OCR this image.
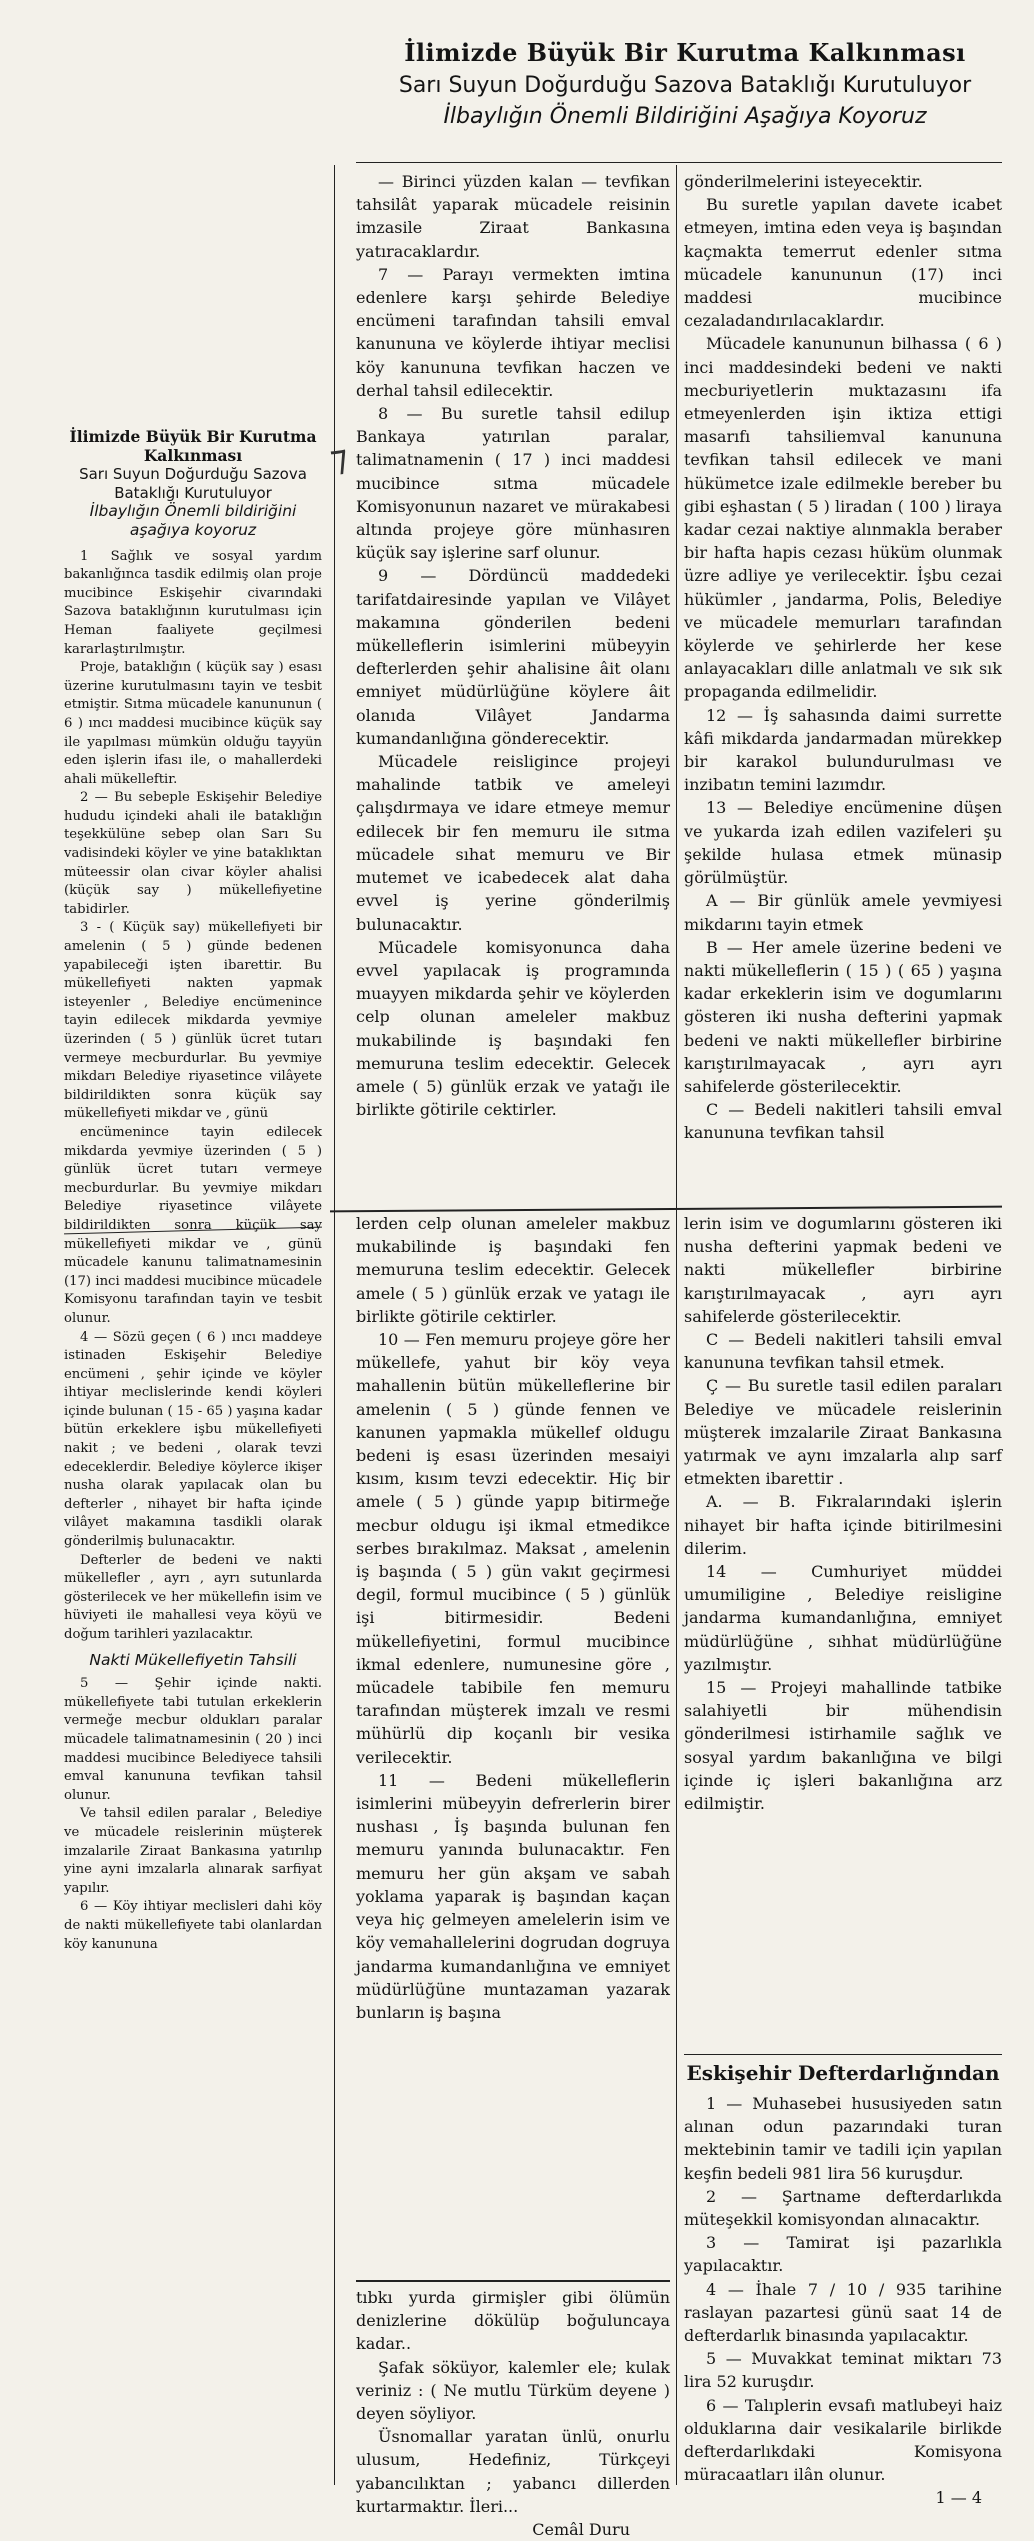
İlimizde Büyük Bir Kurutma Kalkınması
Sarı Suyun Doğurduğu Sazova Bataklığı Kurutuluyor
İlbaylığın Önemli Bildiriğini Aşağıya Koyoruz
⁊

İlimizde Büyük Bir Kurutma Kalkınması

Sarı Suyun Doğurduğu Sazova Bataklığı Kurutuluyor

İlbaylığın Önemli bildiriğini aşağıya koyoruz

1 Sağlık ve sosyal yardım bakanlığınca tasdik edilmiş olan proje mucibince Eskişehir civarındaki Sazova bataklığının kurutulması için Heman faaliyete geçilmesi kararlaştırılmıştır.

Proje, bataklığın ( küçük say ) esası üzerine kurutulmasını tayin ve tesbit etmiştir. Sıtma mücadele kanununun ( 6 ) ıncı maddesi mucibince küçük say ile yapılması mümkün olduğu tayyün eden işlerin ifası ile, o mahallerdeki ahali mükelleftir.

2 — Bu sebeple Eskişehir Belediye hududu içindeki ahali ile bataklığın teşekkülüne sebep olan Sarı Su vadisindeki köyler ve yine bataklıktan müteessir olan civar köyler ahalisi (küçük say ) mükellefiyetine tabidirler.

3 - ( Küçük say) mükellefiyeti bir amelenin ( 5 ) günde bedenen yapabileceği işten ibarettir. Bu mükellefiyeti nakten yapmak isteyenler , Belediye encümenince tayin edilecek mikdarda yevmiye üzerinden ( 5 ) günlük ücret tutarı vermeye mecburdurlar. Bu yevmiye mikdarı Belediye riyasetince vilâyete bildirildikten sonra küçük say mükellefiyeti mikdar ve , günü

encümenince tayin edilecek mikdarda yevmiye üzerinden ( 5 ) günlük ücret tutarı vermeye mecburdurlar. Bu yevmiye mikdarı Belediye riyasetince vilâyete bildirildikten sonra küçük say mükellefiyeti mikdar ve , günü mücadele kanunu talimatnamesinin (17) inci maddesi mucibince mücadele Komisyonu tarafından tayin ve tesbit olunur.

4 — Sözü geçen ( 6 ) ıncı maddeye istinaden Eskişehir Belediye encümeni , şehir içinde ve köyler ihtiyar meclislerinde kendi köyleri içinde bulunan ( 15 - 65 ) yaşına kadar bütün erkeklere işbu mükellefiyeti nakit ; ve bedeni , olarak tevzi edeceklerdir. Belediye köylerce ikişer nusha olarak yapılacak olan bu defterler , nihayet bir hafta içinde vilâyet makamına tasdikli olarak gönderilmiş bulunacaktır.

Defterler de bedeni ve nakti mükellefler , ayrı , ayrı sutunlarda gösterilecek ve her mükellefin isim ve hüviyeti ile mahallesi veya köyü ve doğum tarihleri yazılacaktır.

Nakti Mükellefiyetin Tahsili

5 — Şehir içinde nakti. mükellefiyete tabi tutulan erkeklerin vermeğe mecbur oldukları paralar mücadele talimatnamesinin ( 20 ) inci maddesi mucibince Belediyece tahsili emval kanununa tevfikan tahsil olunur.

Ve tahsil edilen paralar , Belediye ve mücadele reislerinin müşterek imzalarile Ziraat Bankasına yatırılıp yine ayni imzalarla alınarak sarfiyat yapılır.

6 — Köy ihtiyar meclisleri dahi köy de nakti mükellefiyete tabi olanlardan köy kanununa

— Birinci yüzden kalan — tevfikan tahsilât yaparak mücadele reisinin imzasile Ziraat Bankasına yatıracaklardır.

7 — Parayı vermekten imtina edenlere karşı şehirde Belediye encümeni tarafından tahsili emval kanununa ve köylerde ihtiyar meclisi köy kanununa tevfikan haczen ve derhal tahsil edilecektir.

8 — Bu suretle tahsil edilup Bankaya yatırılan paralar, talimatnamenin ( 17 ) inci maddesi mucibince sıtma mücadele Komisyonunun nazaret ve mürakabesi altında projeye göre münhasıren küçük say işlerine sarf olunur.

9 — Dördüncü maddedeki tarifatdairesinde yapılan ve Vilâyet makamına gönderilen bedeni mükelleflerin isimlerini mübeyyin defterlerden şehir ahalisine âit olanı emniyet müdürlüğüne köylere âit olanıda Vilâyet Jandarma kumandanlığına gönderecektir.

Mücadele reisligince projeyi mahalinde tatbik ve ameleyi çalışdırmaya ve idare etmeye memur edilecek bir fen memuru ile sıtma mücadele sıhat memuru ve Bir mutemet ve icabedecek alat daha evvel iş yerine gönderilmiş bulunacaktır.

Mücadele komisyonunca daha evvel yapılacak iş programında muayyen mikdarda şehir ve köylerden celp olunan ameleler makbuz mukabilinde iş başındaki fen memuruna teslim edecektir. Gelecek amele ( 5) günlük erzak ve yatağı ile birlikte götirile cektirler.

gönderilmelerini isteyecektir.

Bu suretle yapılan davete icabet etmeyen, imtina eden veya iş başından kaçmakta temerrut edenler sıtma mücadele kanununun (17) inci maddesi mucibince cezaladandırılacaklardır.

Mücadele kanununun bilhassa ( 6 ) inci maddesindeki bedeni ve nakti mecburiyetlerin muktazasını ifa etmeyenlerden işin iktiza ettigi masarıfı tahsiliemval kanununa tevfikan tahsil edilecek ve mani hükümetce izale edilmekle bereber bu gibi eşhastan ( 5 ) liradan ( 100 ) liraya kadar cezai naktiye alınmakla beraber bir hafta hapis cezası hüküm olunmak üzre adliye ye verilecektir. İşbu cezai hükümler , jandarma, Polis, Belediye ve mücadele memurları tarafından köylerde ve şehirlerde her kese anlayacakları dille anlatmalı ve sık sık propaganda edilmelidir.

12 — İş sahasında daimi surrette kâfi mikdarda jandarmadan mürekkep bir karakol bulundurulması ve inzibatın temini lazımdır.

13 — Belediye encümenine düşen ve yukarda izah edilen vazifeleri şu şekilde hulasa etmek münasip görülmüştür.

A — Bir günlük amele yevmiyesi mikdarını tayin etmek

B — Her amele üzerine bedeni ve nakti mükelleflerin ( 15 ) ( 65 ) yaşına kadar erkeklerin isim ve dogumlarını gösteren iki nusha defterini yapmak bedeni ve nakti mükellefler birbirine karıştırılmayacak , ayrı ayrı sahifelerde gösterilecektir.

C — Bedeli nakitleri tahsili emval kanununa tevfikan tahsil

lerden celp olunan ameleler makbuz mukabilinde iş başındaki fen memuruna teslim edecektir. Gelecek amele ( 5 ) günlük erzak ve yatagı ile birlikte götirile cektirler.

10 — Fen memuru projeye göre her mükellefe, yahut bir köy veya mahallenin bütün mükelleflerine bir amelenin ( 5 ) günde fennen ve kanunen yapmakla mükellef oldugu bedeni iş esası üzerinden mesaiyi kısım, kısım tevzi edecektir. Hiç bir amele ( 5 ) günde yapıp bitirmeğe mecbur oldugu işi ikmal etmedikce serbes bırakılmaz. Maksat , amelenin iş başında ( 5 ) gün vakıt geçirmesi degil, formul mucibince ( 5 ) günlük işi bitirmesidir. Bedeni mükellefiyetini, formul mucibince ikmal edenlere, numunesine göre , mücadele tabibile fen memuru tarafından müşterek imzalı ve resmi mühürlü dip koçanlı bir vesika verilecektir.

11 — Bedeni mükelleflerin isimlerini mübeyyin defrerlerin birer nushası , İş başında bulunan fen memuru yanında bulunacaktır. Fen memuru her gün akşam ve sabah yoklama yaparak iş başından kaçan veya hiç gelmeyen amelelerin isim ve köy vemahallelerini dogrudan dogruya jandarma kumandanlığına ve emniyet müdürlüğüne muntazaman yazarak bunların iş başına

tıbkı yurda girmişler gibi ölümün denizlerine dökülüp boğuluncaya kadar..

Şafak söküyor, kalemler ele; kulak veriniz : ( Ne mutlu Türküm deyene ) deyen söyliyor.

Üsnomallar yaratan ünlü, onurlu ulusum, Hedefiniz, Türkçeyi yabancılıktan ; yabancı dillerden kurtarmaktır. İleri...

Cemâl Duru

lerin isim ve dogumlarını gösteren iki nusha defterini yapmak bedeni ve nakti mükellefler birbirine karıştırılmayacak , ayrı ayrı sahifelerde gösterilecektir.

C — Bedeli nakitleri tahsili emval kanununa tevfikan tahsil etmek.

Ç — Bu suretle tasil edilen paraları Belediye ve mücadele reislerinin müşterek imzalarile Ziraat Bankasına yatırmak ve aynı imzalarla alıp sarf etmekten ibarettir .

A. — B. Fıkralarındaki işlerin nihayet bir hafta içinde bitirilmesini dilerim.

14 — Cumhuriyet müddei umumiligine , Belediye reisligine jandarma kumandanlığına, emniyet müdürlüğüne , sıhhat müdürlüğüne yazılmıştır.

15 — Projeyi mahallinde tatbike salahiyetli bir mühendisin gönderilmesi istirhamile sağlık ve sosyal yardım bakanlığına ve bilgi içinde iç işleri bakanlığına arz edilmiştir.

Eskişehir Defterdarlığından

1 — Muhasebei hususiyeden satın alınan odun pazarındaki turan mektebinin tamir ve tadili için yapılan keşfin bedeli 981 lira 56 kuruşdur.

2 — Şartname defterdarlıkda müteşekkil komisyondan alınacaktır.

3 — Tamirat işi pazarlıkla yapılacaktır.

4 — İhale 7 / 10 / 935 tarihine raslayan pazartesi günü saat 14 de defterdarlık binasında yapılacaktır.

5 — Muvakkat teminat miktarı 73 lira 52 kuruşdır.

6 — Talıplerin evsafı matlubeyi haiz olduklarına dair vesikalarile birlikde defterdarlıkdaki Komisyona müracaatları ilân olunur.

1 — 4
